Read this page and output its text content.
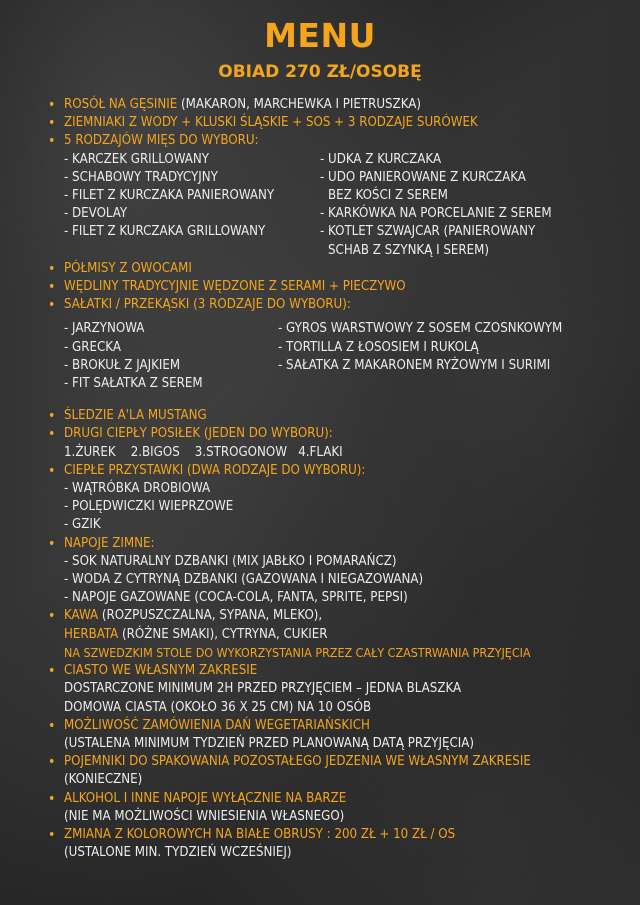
MENU
OBIAD 270 ZŁ/OSOBĘ
• ROSÓŁ NA GĘSINIE (MAKARON, MARCHEWKA I PIETRUSZKA)
• ZIEMNIAKI Z WODY + KLUSKI ŚLĄSKIE + SOS + 3 RODZAJE SURÓWEK
• 5 RODZAJÓW MIĘS DO WYBORU:
- KARCZEK GRILLOWANY
- SCHABOWY TRADYCYJNY
- FILET Z KURCZAKA PANIEROWANY
- DEVOLAY
- FILET Z KURCZAKA GRILLOWANY
- UDKA Z KURCZAKA
- UDO PANIEROWANE Z KURCZAKA
BEZ KOŚCI Z SEREM
- KARKÓWKA NA PORCELANIE Z SEREM
- KOTLET SZWAJCAR (PANIEROWANY
SCHAB Z SZYNKĄ I SEREM)
• PÓŁMISY Z OWOCAMI
• WĘDLINY TRADYCYJNIE WĘDZONE Z SERAMI + PIECZYWO
• SAŁATKI / PRZEKĄSKI (3 RODZAJE DO WYBORU):
- JARZYNOWA
- GRECKA
- BROKUŁ Z JAJKIEM
- FIT SAŁATKA Z SEREM
- GYROS WARSTWOWY Z SOSEM CZOSNKOWYM
- TORTILLA Z ŁOSOSIEM I RUKOLĄ
- SAŁATKA Z MAKARONEM RYŻOWYM I SURIMI
• ŚLEDZIE A'LA MUSTANG
• DRUGI CIEPŁY POSIŁEK (JEDEN DO WYBORU):
1.ŻUREK    2.BIGOS    3.STROGONOW   4.FLAKI
• CIEPŁE PRZYSTAWKI (DWA RODZAJE DO WYBORU):
- WĄTRÓBKA DROBIOWA
- POLĘDWICZKI WIEPRZOWE
- GZIK
• NAPOJE ZIMNE:
- SOK NATURALNY DZBANKI (MIX JABŁKO I POMARAŃCZ)
- WODA Z CYTRYNĄ DZBANKI (GAZOWANA I NIEGAZOWANA)
- NAPOJE GAZOWANE (COCA-COLA, FANTA, SPRITE, PEPSI)
• KAWA (ROZPUSZCZALNA, SYPANA, MLEKO),
HERBATA (RÓŻNE SMAKI), CYTRYNA, CUKIER
NA SZWEDZKIM STOLE DO WYKORZYSTANIA PRZEZ CAŁY CZASTRWANIA PRZYJĘCIA
• CIASTO WE WŁASNYM ZAKRESIE
DOSTARCZONE MINIMUM 2H PRZED PRZYJĘCIEM – JEDNA BLASZKA
DOMOWA CIASTA (OKOŁO 36 X 25 CM) NA 10 OSÓB
• MOŻLIWOŚĆ ZAMÓWIENIA DAŃ WEGETARIAŃSKICH
(USTALENA MINIMUM TYDZIEŃ PRZED PLANOWANĄ DATĄ PRZYJĘCIA)
• POJEMNIKI DO SPAKOWANIA POZOSTAŁEGO JEDZENIA WE WŁASNYM ZAKRESIE
(KONIECZNE)
• ALKOHOL I INNE NAPOJE WYŁĄCZNIE NA BARZE
(NIE MA MOŻLIWOŚCI WNIESIENIA WŁASNEGO)
• ZMIANA Z KOLOROWYCH NA BIAŁE OBRUSY : 200 ZŁ + 10 ZŁ / OS
(USTALONE MIN. TYDZIEŃ WCZEŚNIEJ)
